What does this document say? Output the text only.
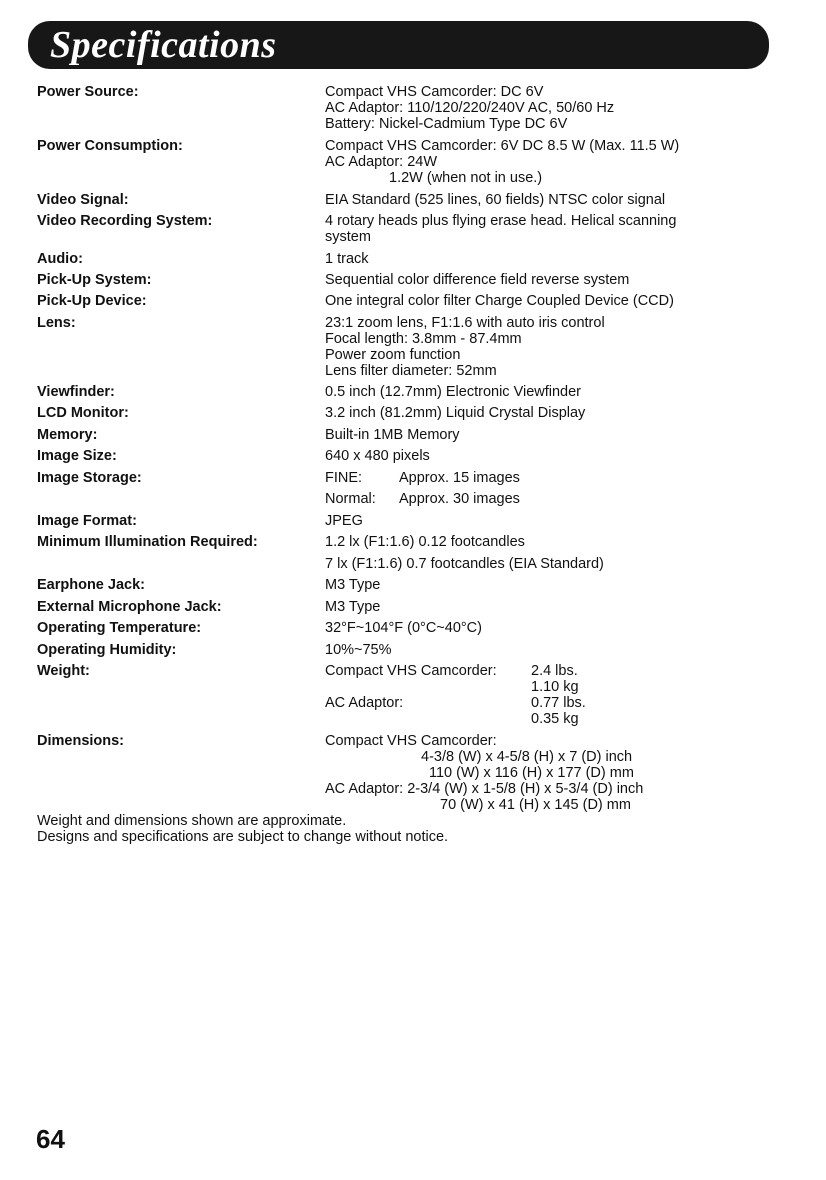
Specifications
Power Source:	Compact VHS Camcorder: DC 6V
AC Adaptor: 110/120/220/240V AC, 50/60 Hz
Battery: Nickel-Cadmium Type DC 6V
Power Consumption:	Compact VHS Camcorder: 6V DC 8.5 W (Max. 11.5 W)
AC Adaptor: 24W
1.2W (when not in use.)
Video Signal:	EIA Standard (525 lines, 60 fields) NTSC color signal
Video Recording System:	4 rotary heads plus flying erase head. Helical scanning
system
Audio:	1 track
Pick-Up System:	Sequential color difference field reverse system
Pick-Up Device:	One integral color filter Charge Coupled Device (CCD)
Lens:	23:1 zoom lens, F1:1.6 with auto iris control
Focal length: 3.8mm - 87.4mm
Power zoom function
Lens filter diameter: 52mm
Viewfinder:	0.5 inch (12.7mm) Electronic Viewfinder
LCD Monitor:	3.2 inch (81.2mm) Liquid Crystal Display
Memory:	Built-in 1MB Memory
Image Size:	640 x 480 pixels
Image Storage:	FINE:	Approx. 15 images
Normal: Approx. 30 images
Image Format:	JPEG
Minimum Illumination Required:	1.2 lx (F1:1.6) 0.12 footcandles
7 lx (F1:1.6) 0.7 footcandles (EIA Standard)
Earphone Jack:	M3 Type
External Microphone Jack:	M3 Type
Operating Temperature:	32°F~104°F (0°C~40°C)
Operating Humidity:	10%~75%
Weight:	Compact VHS Camcorder: 2.4 lbs.
1.10 kg
AC Adaptor:	0.77 lbs.
0.35 kg
Dimensions:	Compact VHS Camcorder:
4-3/8 (W) x 4-5/8 (H) x 7 (D) inch
110 (W) x 116 (H) x 177 (D) mm
AC Adaptor: 2-3/4 (W) x 1-5/8 (H) x 5-3/4 (D) inch
70 (W) x 41 (H) x 145 (D) mm
Weight and dimensions shown are approximate.
Designs and specifications are subject to change without notice.
64
